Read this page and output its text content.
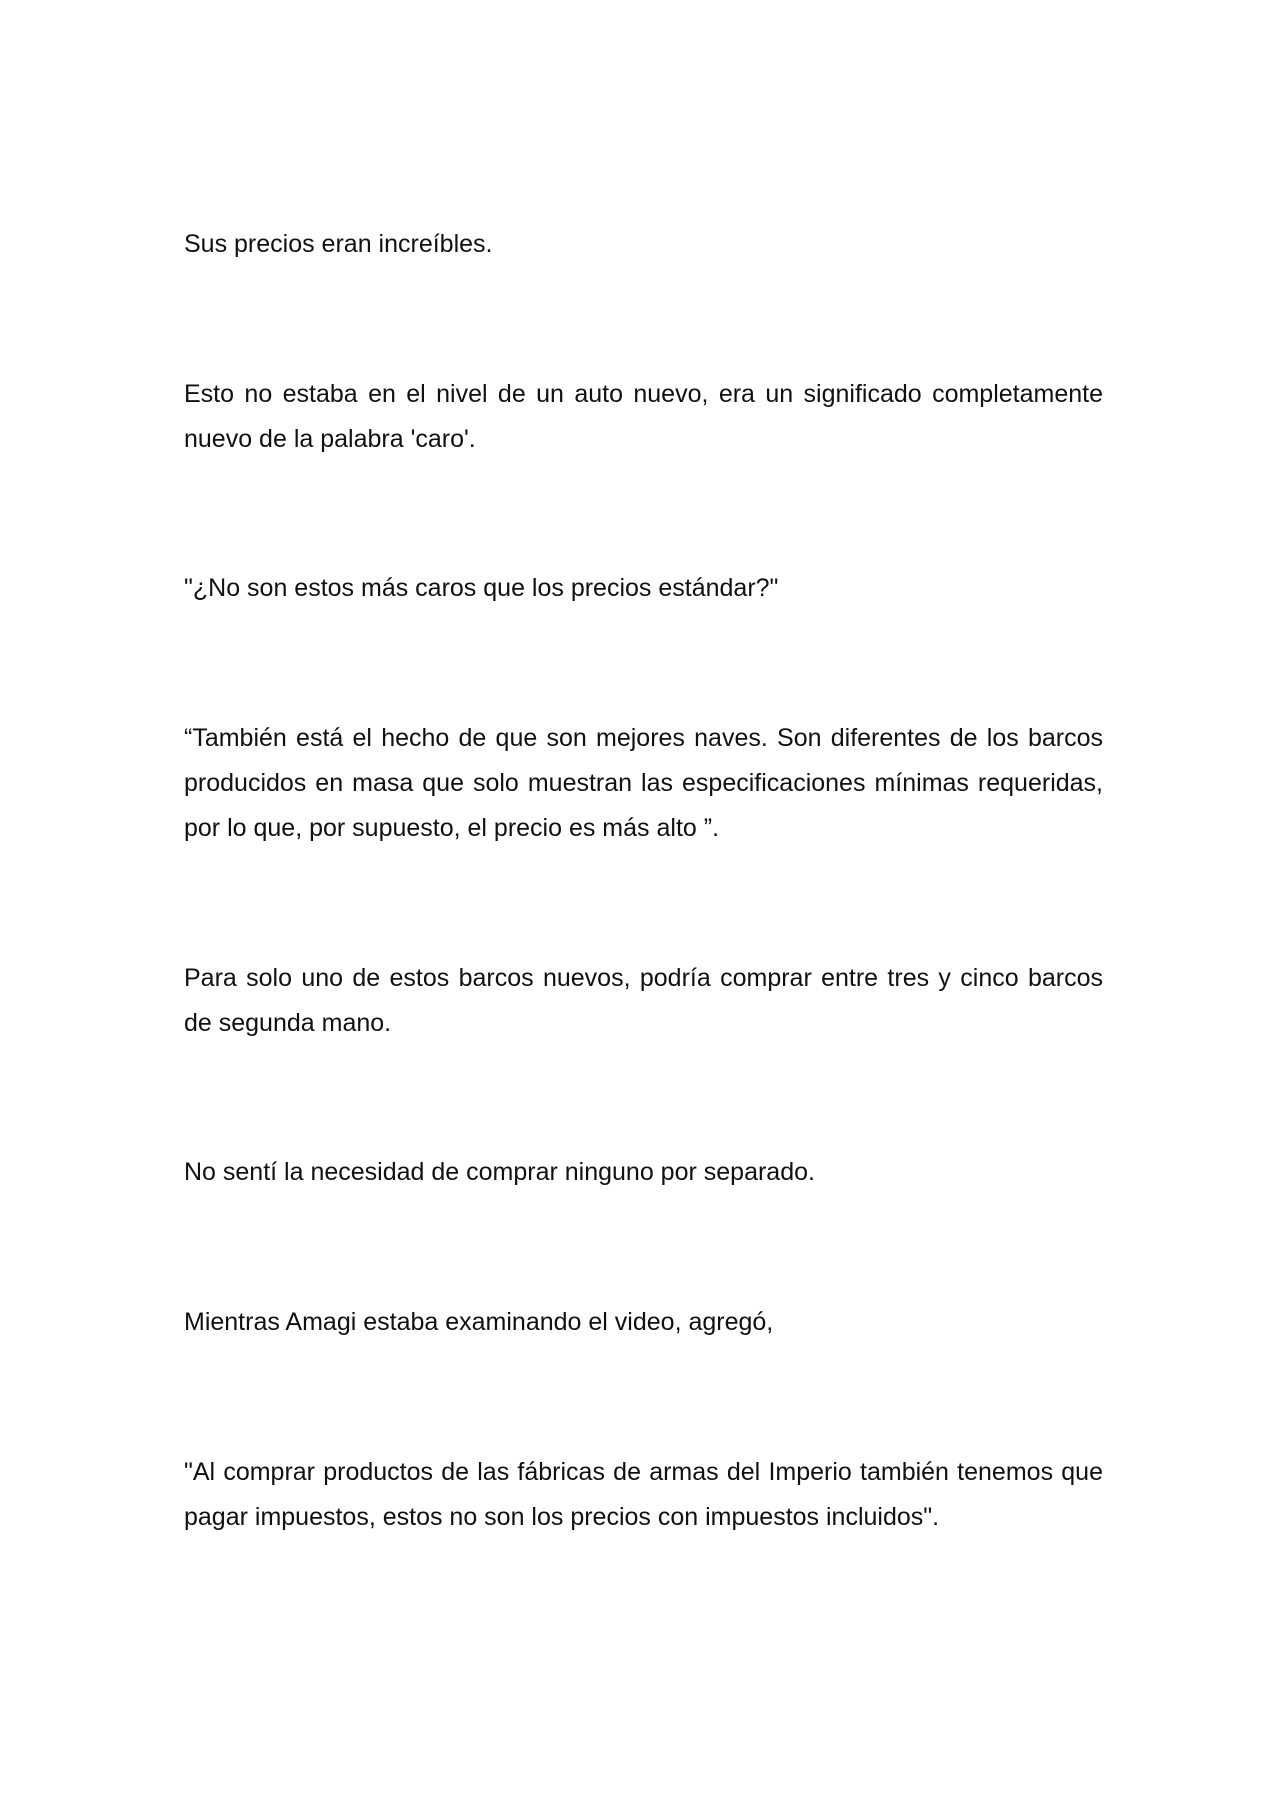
Sus precios eran increíbles.

Esto no estaba en el nivel de un auto nuevo, era un significado completamente nuevo de la palabra 'caro'.

"¿No son estos más caros que los precios estándar?"

“También está el hecho de que son mejores naves. Son diferentes de los barcos producidos en masa que solo muestran las especificaciones mínimas requeridas, por lo que, por supuesto, el precio es más alto ”.

Para solo uno de estos barcos nuevos, podría comprar entre tres y cinco barcos de segunda mano.

No sentí la necesidad de comprar ninguno por separado.

Mientras Amagi estaba examinando el video, agregó,

"Al comprar productos de las fábricas de armas del Imperio también tenemos que pagar impuestos, estos no son los precios con impuestos incluidos".
